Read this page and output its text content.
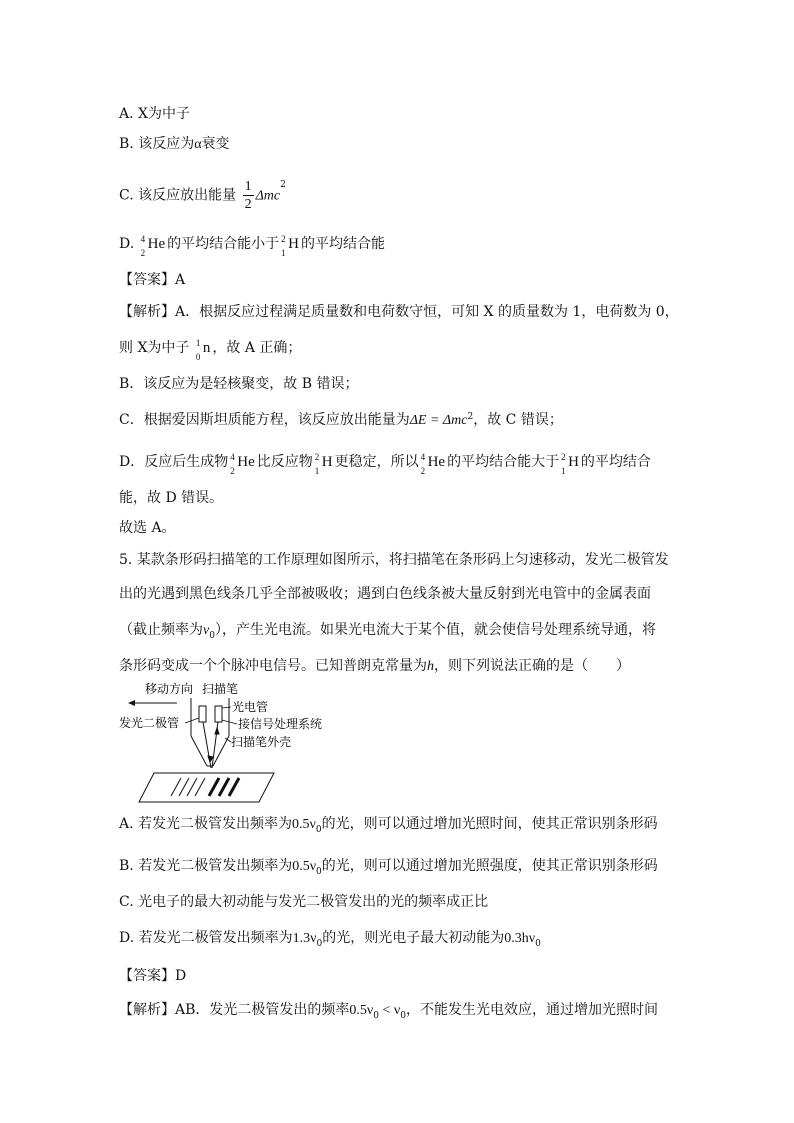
A. X为中子
B. 该反应为α衰变
C. 该反应放出能量 $\frac{1}{2} \Delta mc^2$
D. 4
2
He 的平均结合能小于 2
1
H 的平均结合能
【答案】A
【解析】A．根据反应过程满足质量数和电荷数守恒，可知 X 的质量数为 1，电荷数为 0，
则 X为中子 1
0
n ，故 A 正确；
B．该反应为是轻核聚变，故 B 错误；
C．根据爱因斯坦质能方程，该反应放出能量为ΔE = Δmc$^2$，故 C 错误；
D．反应后生成物 4
2
He 比反应物 2
1
H 更稳定，所以 4
2
He 的平均结合能大于 2
1
H 的平均结合
能，故 D 错误。
故选 A。
5. 某款条形码扫描笔的工作原理如图所示，将扫描笔在条形码上匀速移动，发光二极管发
出的光遇到黑色线条几乎全部被吸收；遇到白色线条被大量反射到光电管中的金属表面
（截止频率为$\nu_0$），产生光电流。如果光电流大于某个值，就会使信号处理系统导通，将
条形码变成一个个脉冲电信号。已知普朗克常量为h，则下列说法正确的是（　　）
移动方向 扫描笔
光电管
发光二极管	接信号处理系统
扫描笔外壳
A. 若发光二极管发出频率为$0.5\nu_0$的光，则可以通过增加光照时间，使其正常识别条形码
B. 若发光二极管发出频率为$0.5\nu_0$的光，则可以通过增加光照强度，使其正常识别条形码
C. 光电子的最大初动能与发光二极管发出的光的频率成正比
D. 若发光二极管发出频率为$1.3\nu_0$的光，则光电子最大初动能为$0.3h\nu_0$
【答案】D
【解析】AB．发光二极管发出的频率$0.5\nu_0 < \nu_0$，不能发生光电效应，通过增加光照时间
